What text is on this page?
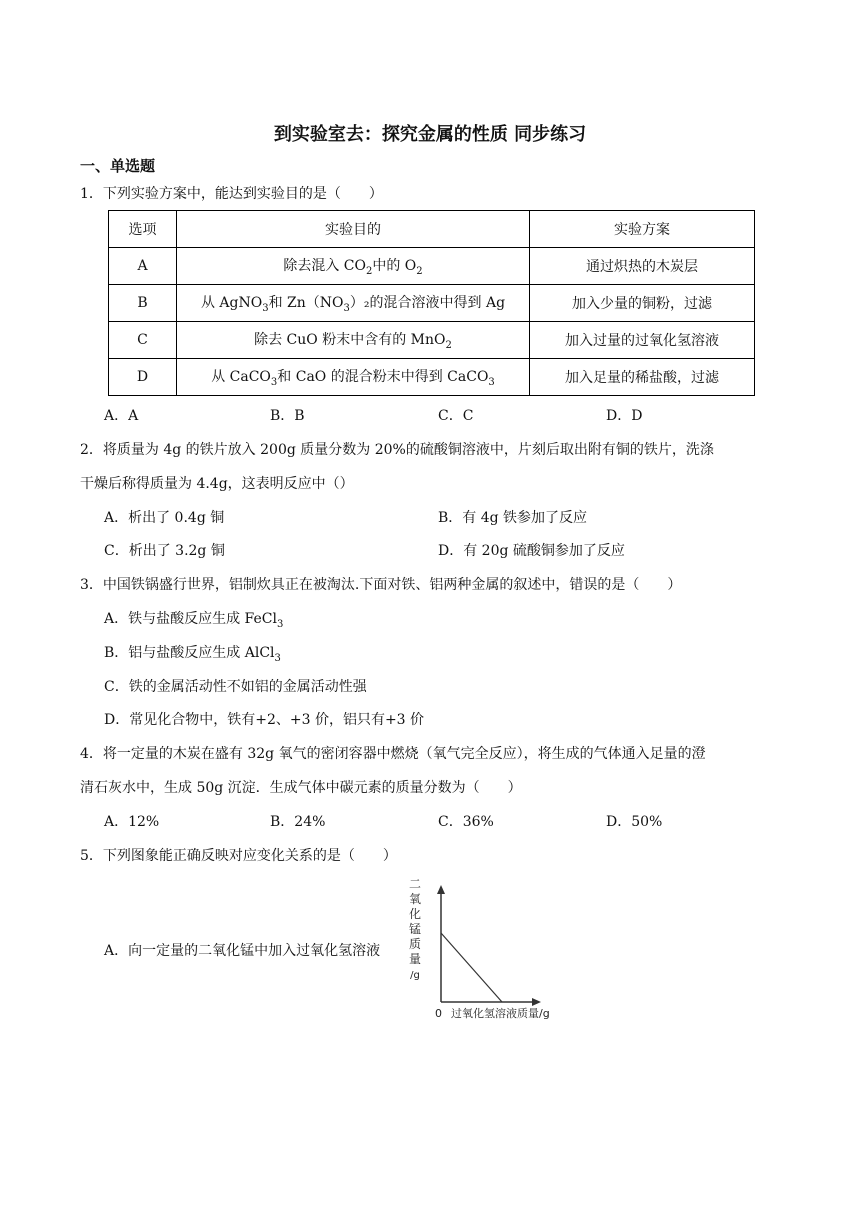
到实验室去：探究金属的性质 同步练习
一、单选题
1．下列实验方案中，能达到实验目的是（　　）
选项	实验目的	实验方案
A	除去混入 $CO_2$中的 $O_2$	通过炽热的木炭层
B	从 AgNO$_3$和 $Zn(NO_3)_2$的混合溶液中得到 Ag	加入少量的铜粉，过滤
C	除去 CuO 粉末中含有的 MnO$_2$	加入过量的过氧化氢溶液
D	从 CaCO$_3$和 CaO 的混合粉末中得到 CaCO$_3$	加入足量的稀盐酸，过滤
A．A	B．B	C．C	D．D
2．将质量为 4g 的铁片放入 200g 质量分数为 20%的硫酸铜溶液中，片刻后取出附有铜的铁片，洗涤
干燥后称得质量为 4.4g，这表明反应中（）
A．析出了 0.4g 铜	B．有 4g 铁参加了反应
C．析出了 3.2g 铜	D．有 20g 硫酸铜参加了反应
3．中国铁锅盛行世界，铝制炊具正在被淘汰.下面对铁、铝两种金属的叙述中，错误的是（　　）
A．铁与盐酸反应生成 FeCl$_3$
B．铝与盐酸反应生成 AlCl$_3$
C．铁的金属活动性不如铝的金属活动性强
D．常见化合物中，铁有+2、+3 价，铝只有+3 价
4．将一定量的木炭在盛有 32g 氧气的密闭容器中燃烧（氧气完全反应），将生成的气体通入足量的澄
清石灰水中，生成 50g 沉淀．生成气体中碳元素的质量分数为（　　）
A．12%	B．24%	C．36%	D．50%
5．下列图象能正确反映对应变化关系的是（　　）
A．向一定量的二氧化锰中加入过氧化氢溶液
二
氧
化
锰
质
量
/g
0 过氧化氢溶液质量/g
